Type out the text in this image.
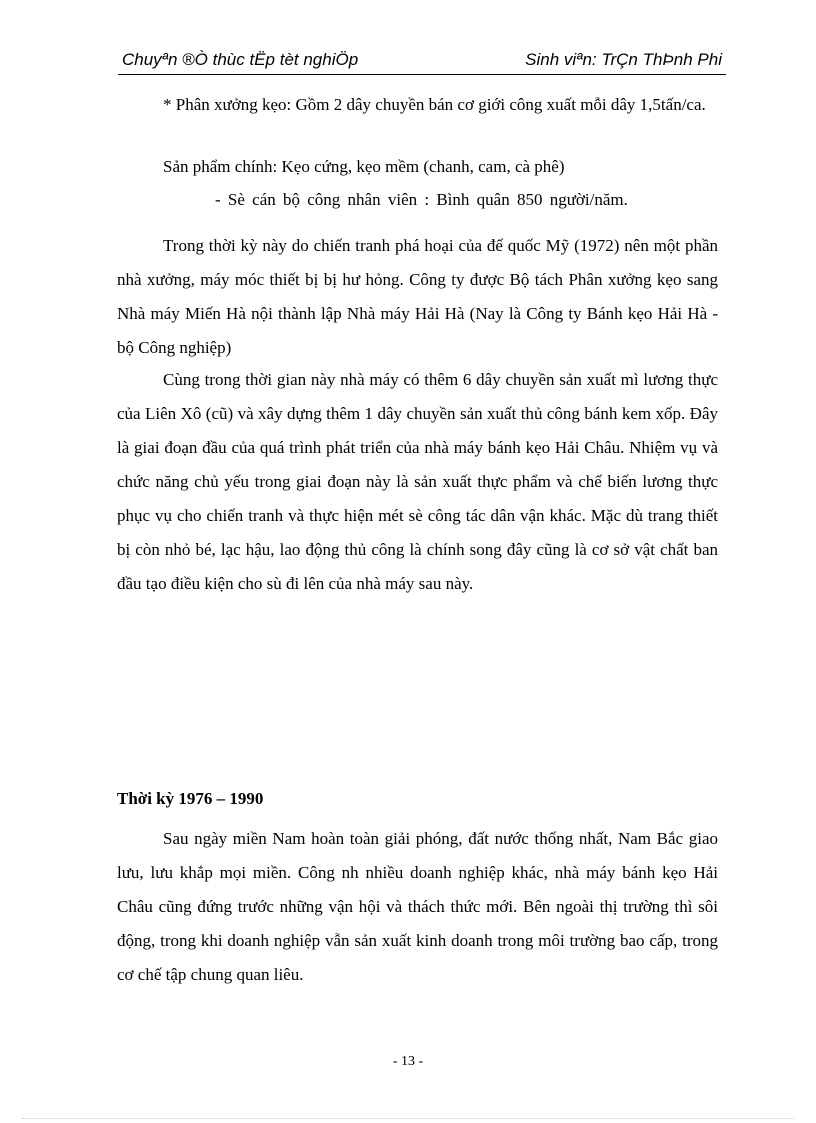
Chuyªn ®Ò thùc tËp tèt nghiÖp	Sinh viªn: TrÇn ThÞnh Phi
* Phân xưởng kẹo: Gồm 2 dây chuyền bán cơ giới công xuất mỗi dây 1,5tấn/ca.
Sản phẩm chính: Kẹo cứng, kẹo mềm (chanh, cam, cà phê)
- Sè cán bộ công nhân viên : Bình quân 850 người/năm.
Trong thời kỳ này do chiến tranh phá hoại của đế quốc Mỹ (1972) nên một phần nhà xưởng, máy móc thiết bị bị hư hỏng. Công ty được Bộ tách Phân xưởng kẹo sang Nhà máy Miến Hà nội thành lập Nhà máy Hải Hà (Nay là Công ty Bánh kẹo Hải Hà - bộ Công nghiệp)
Cùng trong thời gian này nhà máy có thêm 6 dây chuyền sản xuất mì lương thực của Liên Xô (cũ) và xây dựng thêm 1 dây chuyền sản xuất thủ công bánh kem xốp. Đây là giai đoạn đầu của quá trình phát triển của nhà máy bánh kẹo Hải Châu. Nhiệm vụ và chức năng chủ yếu trong giai đoạn này là sản xuất thực phẩm và chế biến lương thực phục vụ cho chiến tranh và thực hiện mét sè công tác dân vận khác. Mặc dù trang thiết bị còn nhỏ bé, lạc hậu, lao động thủ công là chính song đây cũng là cơ sở vật chất ban đầu tạo điều kiện cho sù đi lên của nhà máy sau này.
Thời kỳ 1976 – 1990
Sau ngày miền Nam hoàn toàn giải phóng, đất nước thống nhất, Nam Bắc giao lưu, lưu khắp mọi miền. Công nh nhiều doanh nghiệp khác, nhà máy bánh kẹo Hải Châu cũng đứng trước những vận hội và thách thức mới. Bên ngoài thị trường thì sôi động, trong khi doanh nghiệp vẫn sản xuất kinh doanh trong môi trường bao cấp, trong cơ chế tập chung quan liêu.
- 13 -
